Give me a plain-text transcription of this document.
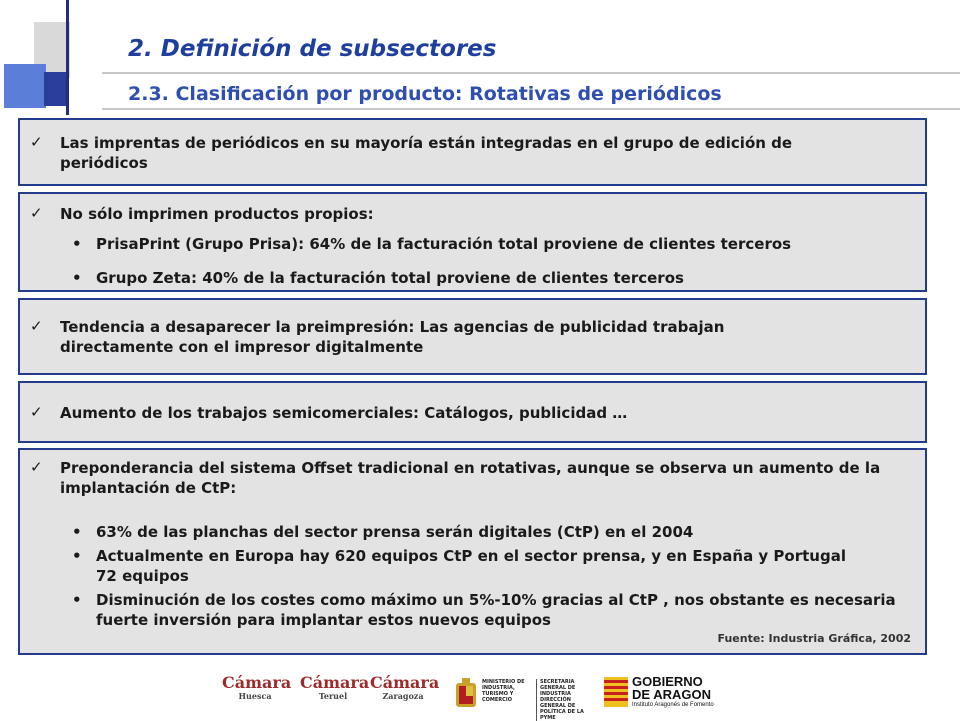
2. Definición de subsectores
2.3. Clasificación por producto: Rotativas de periódicos
✓	Las imprentas de periódicos en su mayoría están integradas en el grupo de edición de periódicos
✓	No sólo imprimen productos propios:
• PrisaPrint (Grupo Prisa): 64% de la facturación total proviene de clientes terceros
• Grupo Zeta: 40% de la facturación total proviene de clientes terceros
✓	Tendencia a desaparecer la preimpresión: Las agencias de publicidad trabajan directamente con el impresor digitalmente
✓	Aumento de los trabajos semicomerciales: Catálogos, publicidad …
✓	Preponderancia del sistema Offset tradicional en rotativas, aunque se observa un aumento de la implantación de CtP:
• 63% de las planchas del sector prensa serán digitales (CtP) en el 2004
• Actualmente en Europa hay 620 equipos CtP en el sector prensa, y en España y Portugal 72 equipos
• Disminución de los costes como máximo un 5%-10% gracias al CtP , nos obstante es necesaria fuerte inversión para implantar estos nuevos equipos
Fuente: Industria Gráfica, 2002
Cámara
Huesca
Cámara
Teruel
Cámara
Zaragoza
MINISTERIO DE INDUSTRIA, TURISMO Y COMERCIO
SECRETARIA GENERAL DE INDUSTRIA DIRECCIÓN GENERAL DE POLÍTICA DE LA PYME
GOBIERNO
DE ARAGON
Instituto Aragonés de Fomento
